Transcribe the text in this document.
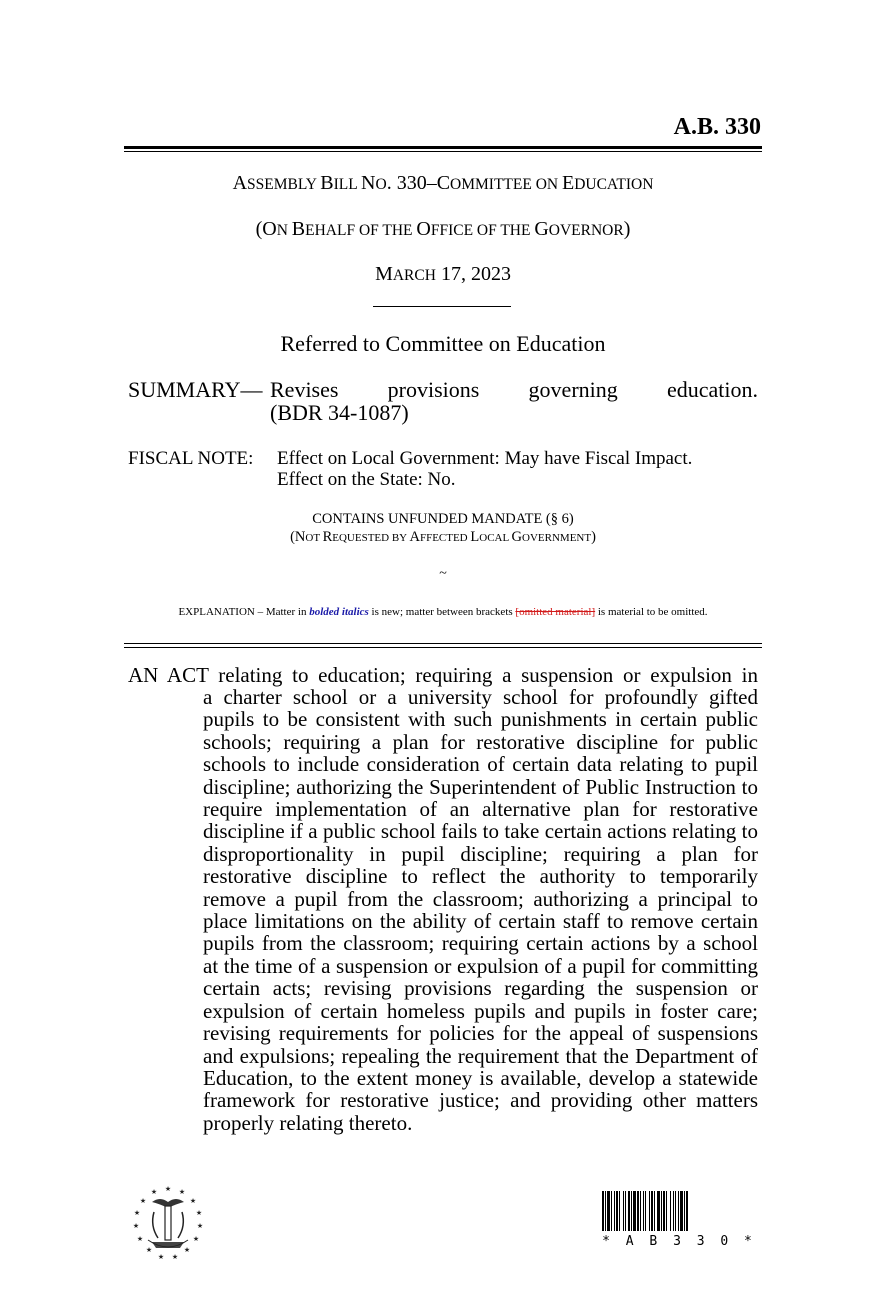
A.B. 330
ASSEMBLY BILL NO. 330–COMMITTEE ON EDUCATION
(ON BEHALF OF THE OFFICE OF THE GOVERNOR)
MARCH 17, 2023
Referred to Committee on Education
SUMMARY— Revises provisions governing education.
(BDR 34-1087)
FISCAL NOTE: Effect on Local Government: May have Fiscal Impact.
Effect on the State: No.
CONTAINS UNFUNDED MANDATE (§ 6)
(NOT REQUESTED BY AFFECTED LOCAL GOVERNMENT)
~
EXPLANATION – Matter in bolded italics is new; matter between brackets [omitted material] is material to be omitted.
AN ACT relating to education; requiring a suspension or expulsion in
a charter school or a university school for profoundly gifted pupils to be consistent with such punishments in certain public schools; requiring a plan for restorative discipline for public schools to include consideration of certain data relating to pupil discipline; authorizing the Superintendent of Public Instruction to require implementation of an alternative plan for restorative discipline if a public school fails to take certain actions relating to disproportionality in pupil discipline; requiring a plan for restorative discipline to reflect the authority to temporarily remove a pupil from the classroom; authorizing a principal to place limitations on the ability of certain staff to remove certain pupils from the classroom; requiring certain actions by a school at the time of a suspension or expulsion of a pupil for committing certain acts; revising provisions regarding the suspension or expulsion of certain homeless pupils and pupils in foster care; revising requirements for policies for the appeal of suspensions and expulsions; repealing the requirement that the Department of Education, to the extent money is available, develop a statewide framework for restorative justice; and providing other matters properly relating thereto.
★ ★
★
★
★
★
★
★
★
★
★
★
★
★
★
* A B 3 3 0 *
